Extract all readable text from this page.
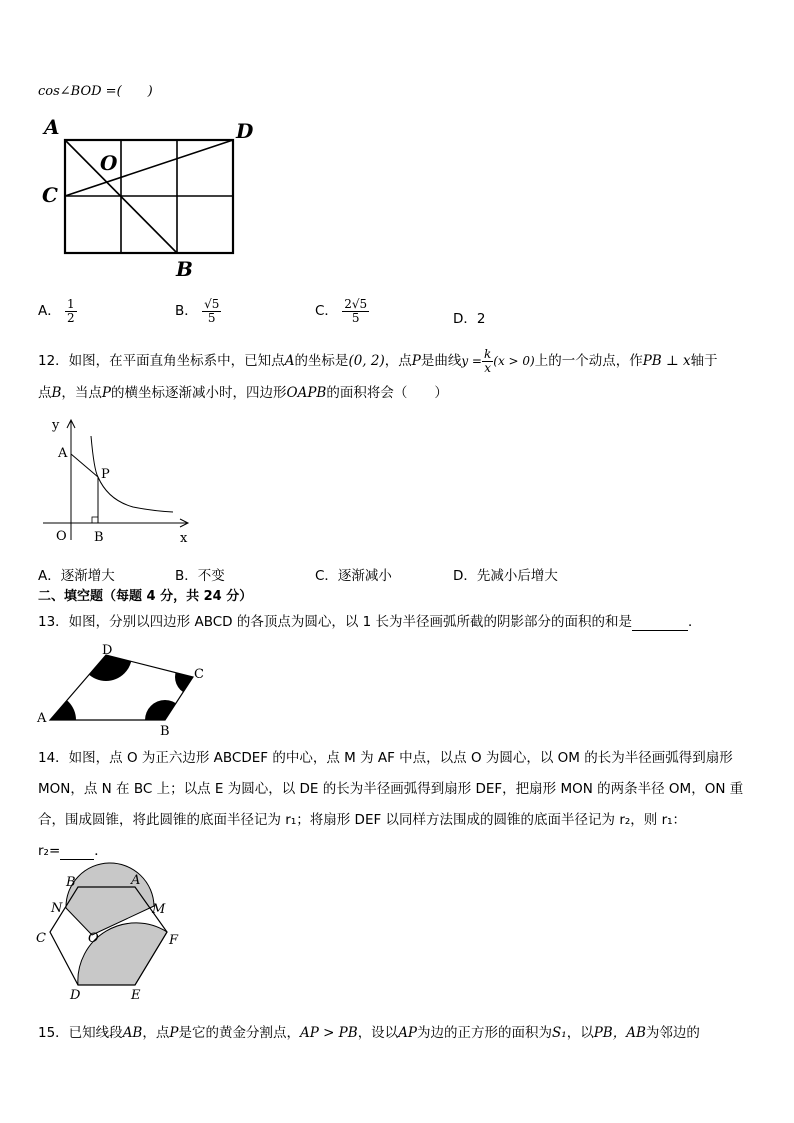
cos∠BOD =(　　)
A	D
C
O
B
A． $\frac{1}{2}$	B． $\frac{√5}{5}$	C． $\frac{2√5}{5}$	D．2
12．如图，在平面直角坐标系中，已知点A的坐标是(0, 2)，点P是曲线$y = \frac{k}{x} (x > 0)$上的一个动点，作PB ⊥ x轴于
点B，当点P的横坐标逐渐减小时，四边形OAPB的面积将会（　　）
y
A
P
O B	x
A．逐渐增大	B．不变	C．逐渐减小	D．先减小后增大
二、填空题（每题 4 分，共 24 分）
13．如图，分别以四边形 ABCD 的各顶点为圆心，以 1 长为半径画弧所截的阴影部分的面积的和是	．
A
B
C
D
14．如图，点 O 为正六边形 ABCDEF 的中心，点 M 为 AF 中点，以点 O 为圆心，以 OM 的长为半径画弧得到扇形
MON，点 N 在 BC 上；以点 E 为圆心，以 DE 的长为半径画弧得到扇形 DEF，把扇形 MON 的两条半径 OM，ON 重
合，围成圆锥，将此圆锥的底面半径记为 r₁；将扇形 DEF 以同样方法围成的圆锥的底面半径记为 r₂，则 r₁：
r₂=	．
B	A
N	M
C	O	F
D	E
15．已知线段AB，点P是它的黄金分割点，AP > PB，设以AP为边的正方形的面积为S₁，以PB，AB为邻边的
